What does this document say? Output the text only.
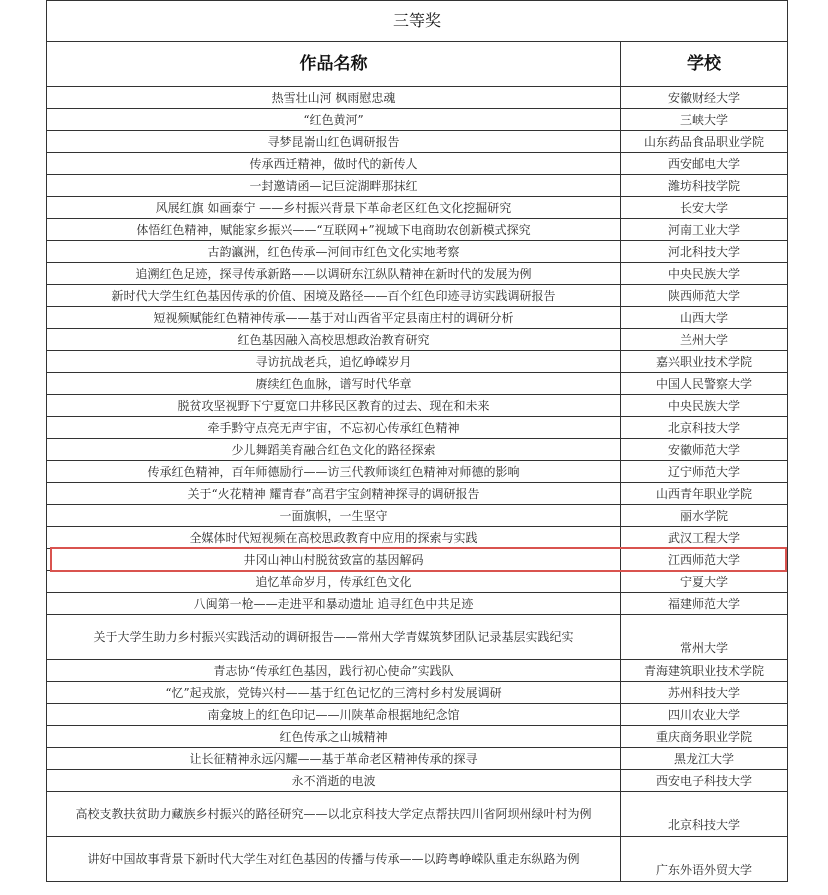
三等奖	
作品名称	学校
热雪壮山河 枫雨慰忠魂	安徽财经大学
“红色黄河”	三峡大学
寻梦昆嵛山红色调研报告	山东药品食品职业学院
传承西迁精神，做时代的新传人	西安邮电大学
一封邀请函—记巨淀湖畔那抹红	潍坊科技学院
风展红旗 如画泰宁 ——乡村振兴背景下革命老区红色文化挖掘研究	长安大学
体悟红色精神，赋能家乡振兴——“互联网+”视域下电商助农创新模式探究	河南工业大学
古韵瀛洲，红色传承—河间市红色文化实地考察	河北科技大学
追溯红色足迹，探寻传承新路——以调研东江纵队精神在新时代的发展为例	中央民族大学
新时代大学生红色基因传承的价值、困境及路径——百个红色印迹寻访实践调研报告	陕西师范大学
短视频赋能红色精神传承——基于对山西省平定县南庄村的调研分析	山西大学
红色基因融入高校思想政治教育研究	兰州大学
寻访抗战老兵，追忆峥嵘岁月	嘉兴职业技术学院
赓续红色血脉，谱写时代华章	中国人民警察大学
脱贫攻坚视野下宁夏宽口井移民区教育的过去、现在和未来	中央民族大学
牵手黔守点亮无声宇宙，不忘初心传承红色精神	北京科技大学
少儿舞蹈美育融合红色文化的路径探索	安徽师范大学
传承红色精神，百年师德励行——访三代教师谈红色精神对师德的影响	辽宁师范大学
关于“火花精神 耀青春”高君宇宝剑精神探寻的调研报告	山西青年职业学院
一面旗帜，一生坚守	丽水学院
全媒体时代短视频在高校思政教育中应用的探索与实践	武汉工程大学
井冈山神山村脱贫致富的基因解码	江西师范大学
追忆革命岁月，传承红色文化	宁夏大学
八闽第一枪——走进平和暴动遗址 追寻红色中共足迹	福建师范大学
关于大学生助力乡村振兴实践活动的调研报告——常州大学青媒筑梦团队记录基层实践纪实	常州大学
青志协“传承红色基因，践行初心使命”实践队	青海建筑职业技术学院
“忆”起戎旅，党铸兴村——基于红色记忆的三湾村乡村发展调研	苏州科技大学
南龛坡上的红色印记——川陕革命根据地纪念馆	四川农业大学
红色传承之山城精神	重庆商务职业学院
让长征精神永远闪耀——基于革命老区精神传承的探寻	黑龙江大学
永不消逝的电波	西安电子科技大学
高校支教扶贫助力藏族乡村振兴的路径研究——以北京科技大学定点帮扶四川省阿坝州绿叶村为例	北京科技大学
讲好中国故事背景下新时代大学生对红色基因的传播与传承——以跨粤峥嵘队重走东纵路为例	广东外语外贸大学
